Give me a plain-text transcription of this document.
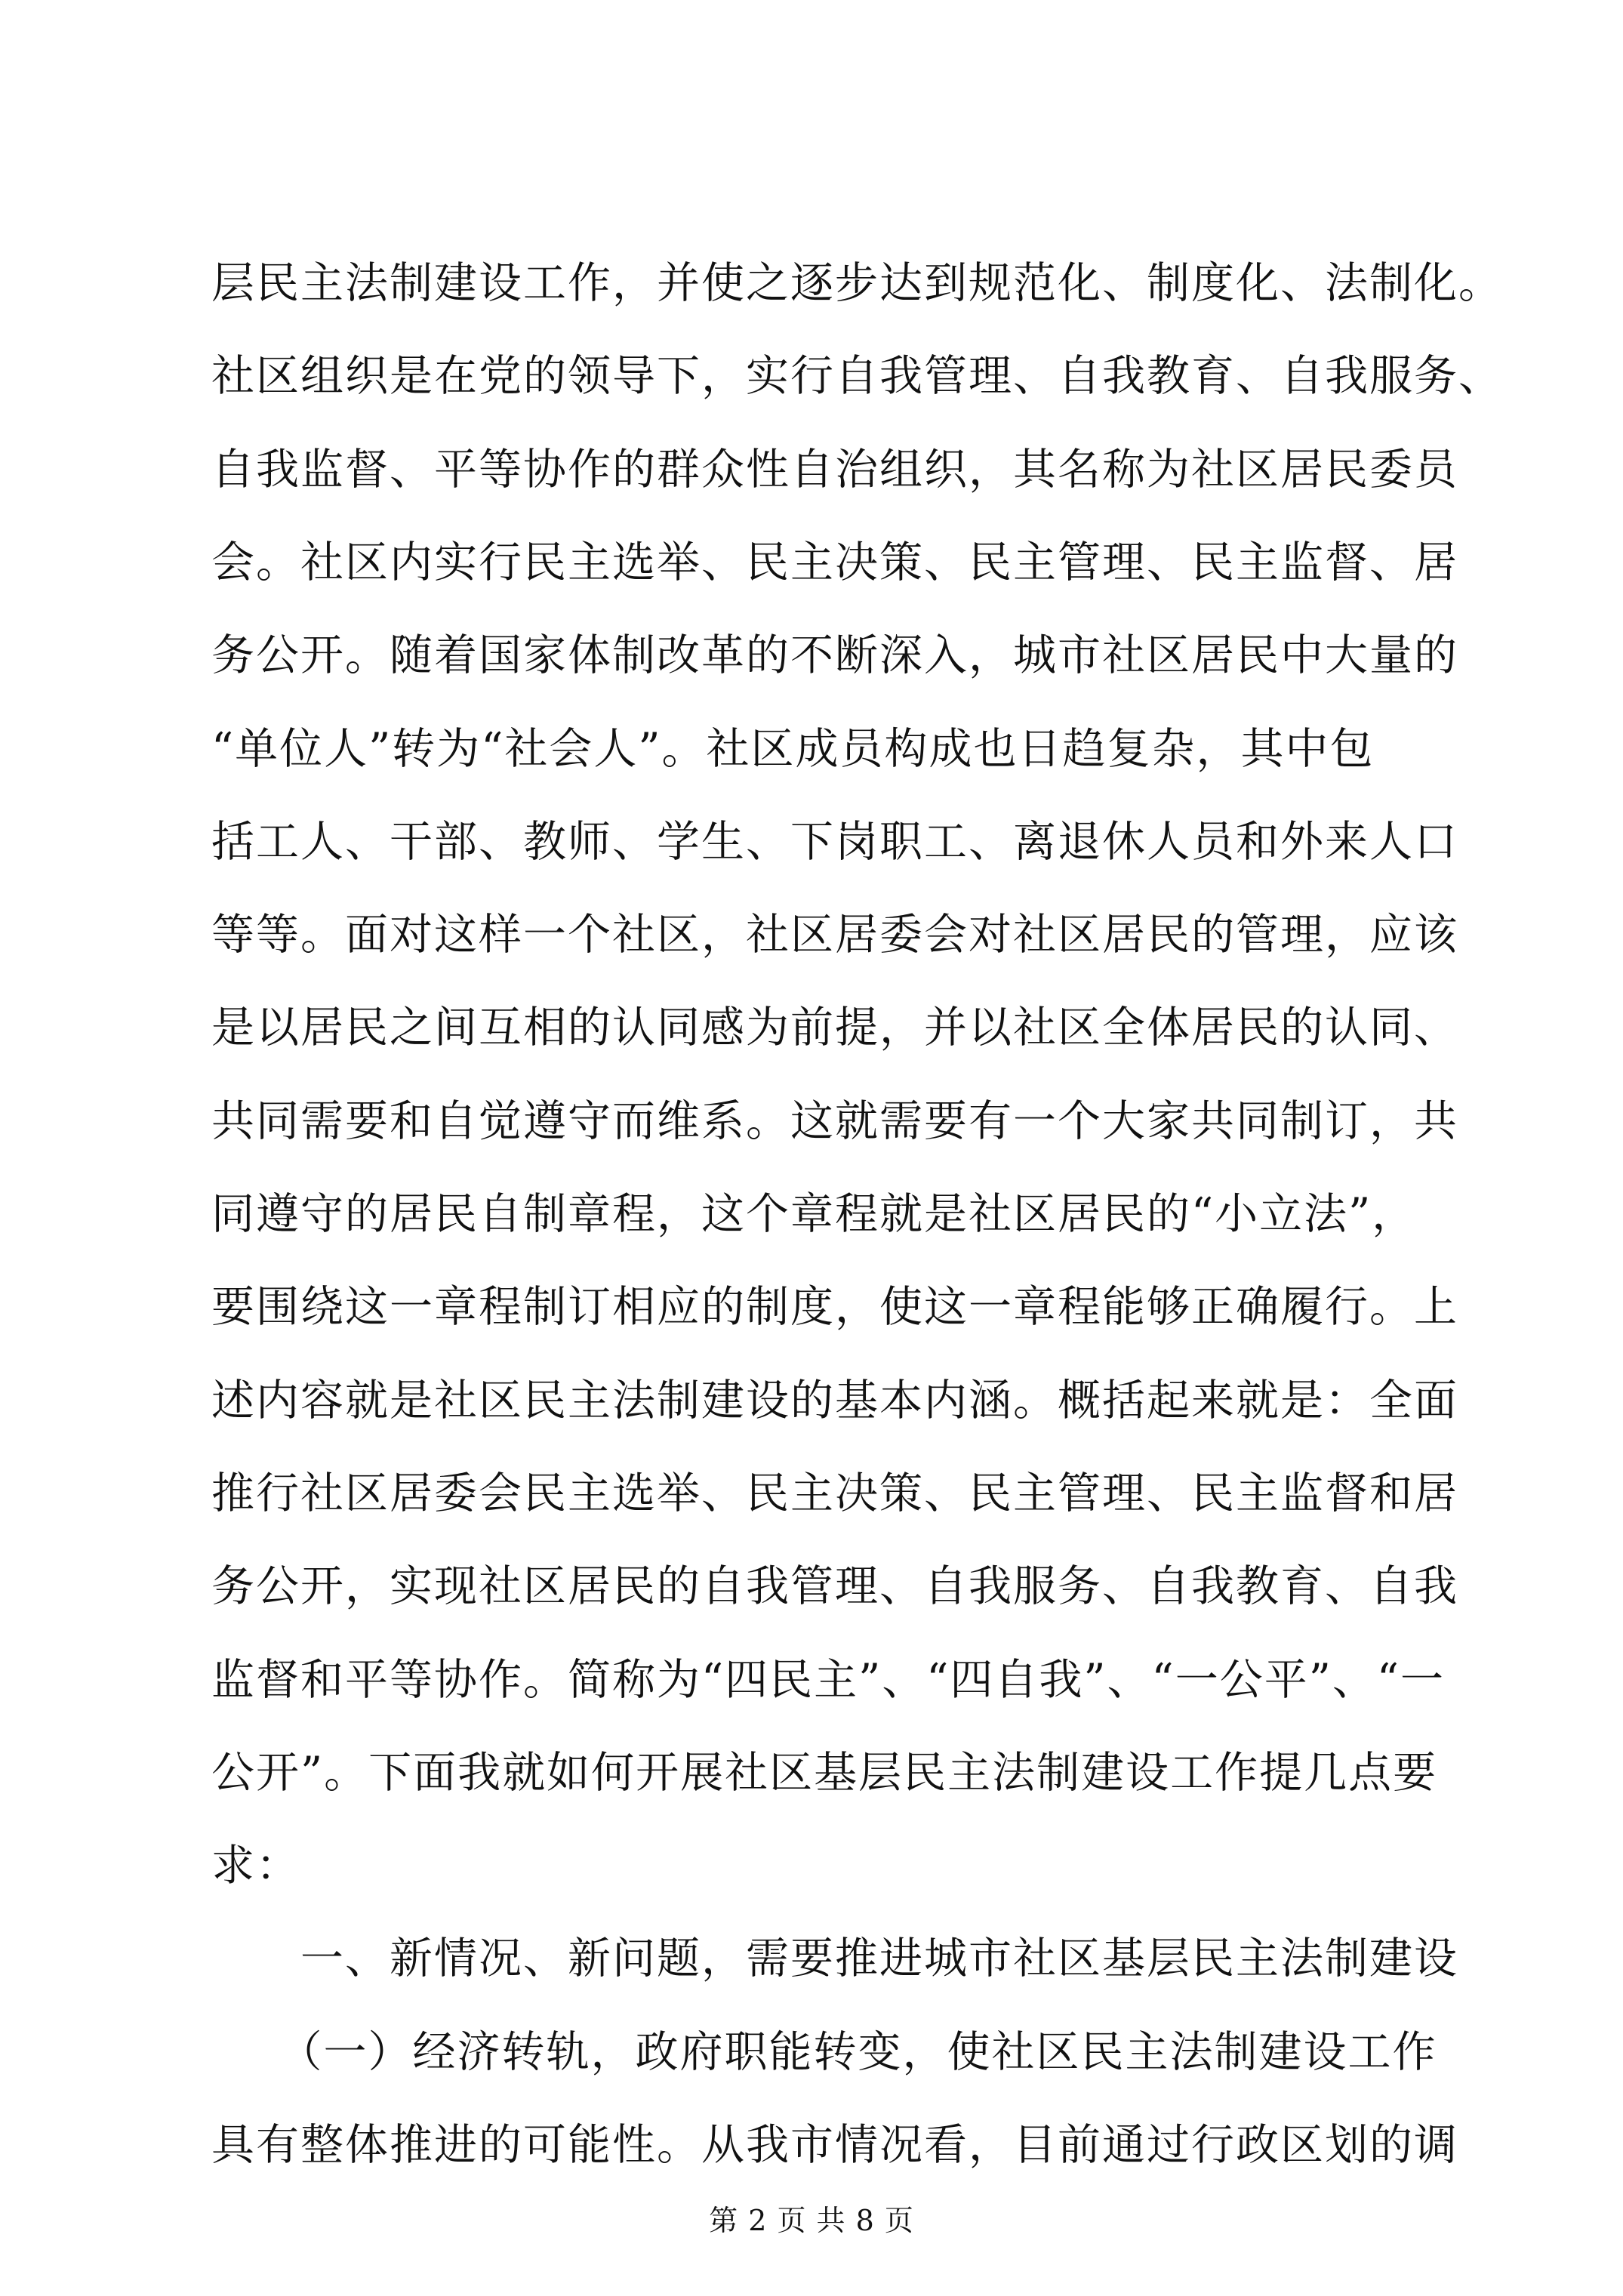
层民主法制建设工作，并使之逐步达到规范化、制度化、法制化。
社区组织是在党的领导下，实行自我管理、自我教育、自我服务、
自我监督、平等协作的群众性自治组织，其名称为社区居民委员
会。社区内实行民主选举、民主决策、民主管理、民主监督、居
务公开。随着国家体制改革的不断深入，城市社区居民中大量的
“单位人”转为“社会人”。社区成员构成也日趋复杂，其中包
括工人、干部、教师、学生、下岗职工、离退休人员和外来人口
等等。面对这样一个社区，社区居委会对社区居民的管理，应该
是以居民之间互相的认同感为前提，并以社区全体居民的认同、
共同需要和自觉遵守而维系。这就需要有一个大家共同制订，共
同遵守的居民自制章程，这个章程就是社区居民的“小立法”，
要围绕这一章程制订相应的制度，使这一章程能够正确履行。上
述内容就是社区民主法制建设的基本内涵。概括起来就是：全面
推行社区居委会民主选举、民主决策、民主管理、民主监督和居
务公开，实现社区居民的自我管理、自我服务、自我教育、自我
监督和平等协作。简称为“四民主”、“四自我”、“一公平”、“一
公开”。下面我就如何开展社区基层民主法制建设工作提几点要
求：
　　一、新情况、新问题，需要推进城市社区基层民主法制建设
　　（一）经济转轨，政府职能转变，使社区民主法制建设工作
具有整体推进的可能性。从我市情况看，目前通过行政区划的调
第 2 页 共 8 页
